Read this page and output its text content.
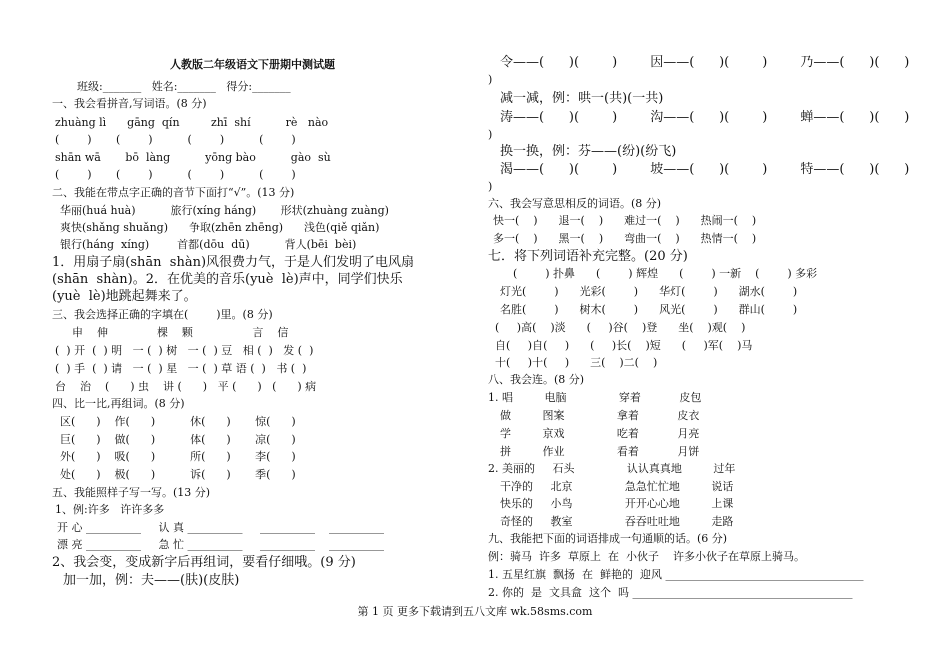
人教版二年级语文下册期中测试题
班级:_______   姓名:_______   得分:_______
一、我会看拼音,写词语。(8 分)
zhuàng lì      gāng  qín         zhī  shí          rè   nào
(        )       (        )          (        )          (        )
shān wā       bō  làng          yōng bào          gào  sù
(        )       (        )          (        )          (        )
二、我能在带点字正确的音节下面打“√”。(13 分)
华丽(huá huà)          旅行(xíng háng)       形状(zhuàng zuàng)
爽快(shǎng shuǎng)      争取(zhēn zhēng)      浅色(qiě qiǎn)
银行(háng  xíng)        首都(dōu  dū)          背人(bēi  bèi)
1．用扇子扇(shān  shàn)风很费力气，于是人们发明了电风扇
(shān  shàn)。2．在优美的音乐(yuè  lè)声中，同学们快乐
(yuè  lè)地跳起舞来了。
三、我会选择正确的字填在(        )里。(8 分)
申    伸              棵    颗                 言    信
(  ) 开  (  ) 明   一 (  ) 树   一 (  ) 豆   相 (  )   发 (  )
(  ) 手  (  ) 请   一 (  ) 星   一 (  ) 草 语 (  )   书 (  )
台    治    (      ) 虫    讲 (      )   平 (      )   (      ) 病
四、比一比,再组词。(8 分)
区(      )    作(      )          休(      )       惊(      )
巨(      )    做(      )          体(      )       凉(      )
外(      )    吸(      )          所(      )       李(      )
处(      )    极(      )          诉(      )       季(      )
五、我能照样子写一写。(13 分)
1、例:许多   许许多多
开 心 __________     认 真 __________     __________    __________
漂 亮 __________     急 忙 __________     __________    __________
2、我会变，变成新字后再组词，要看仔细哦。(9 分)
加一加，例：夫——(肤)(皮肤)
令——(      )(        )        因——(      )(        )        乃——(      )(      )
)
减一减，例：哄一(共)(一共)
涛——(      )(        )        沟——(      )(        )        蝉——(      )(      )
)
换一换，例：芬——(纷)(纷飞)
渴——(      )(        )        坡——(      )(        )        特——(      )(      )
)
六、我会写意思相反的词语。(8 分)
快一(    )      退一(    )      难过一(    )      热闹一(    )
多一(    )      黑一(    )      弯曲一(    )      热情一(    )
七．将下列词语补充完整。(20 分)
(        ) 扑鼻      (        ) 辉煌      (        ) 一新    (        ) 多彩
灯光(        )      光彩(        )      华灯(        )      湖水(        )
名胜(        )      树木(        )      风光(        )      群山(        )
(     )高(    )淡      (     )谷(    )登      坐(    )观(    )
自(     )自(     )      (     )长(    )短      (     )军(    )马
十(     )十(     )      三(    )二(    )
八、我会连。(8 分)
1. 唱         电脑               穿着           皮包
做         图案               拿着           皮衣
学         京戏               吃着           月亮
拼         作业               看着           月饼
2. 美丽的     石头               认认真真地         过年
干净的     北京               急急忙忙地         说话
快乐的     小鸟               开开心心地         上课
奇怪的     教室               吞吞吐吐地         走路
九、我能把下面的词语排成一句通顺的话。(6 分)
例：骑马  许多  草原上  在  小伙子    许多小伙子在草原上骑马。
1. 五星红旗  飘扬  在  鲜艳的  迎风 ____________________________________
2. 你的  是  文具盒  这个  吗 ________________________________________
第 1 页 更多下载请到五八文库 wk.58sms.com
